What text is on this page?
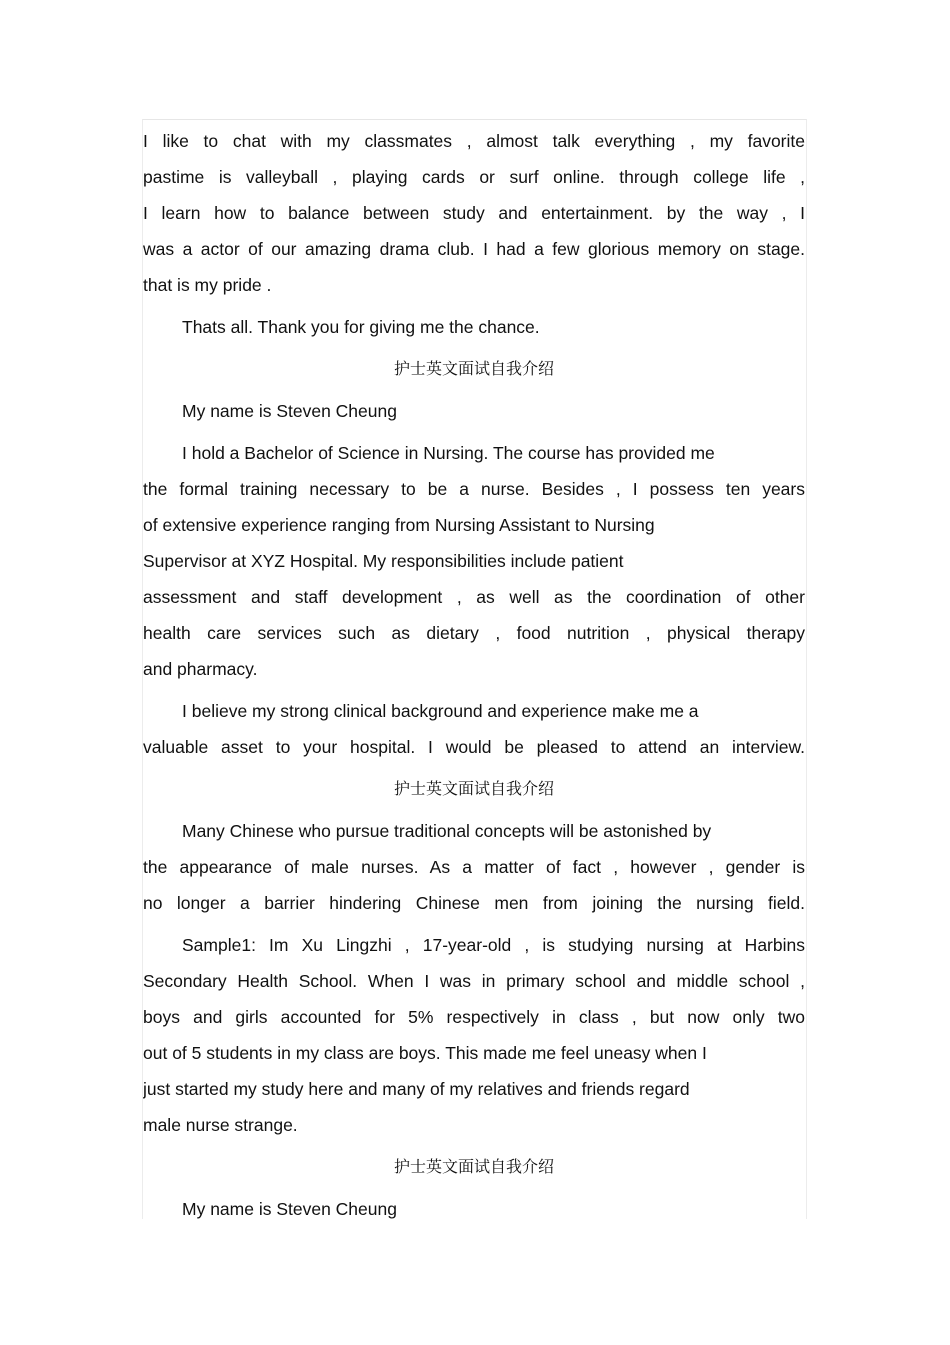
I like to chat with my classmates , almost talk everything , my favorite
pastime is valleyball , playing cards or surf online. through college life ,
I learn how to balance between study and entertainment. by the way , I
was a actor of our amazing drama club. I had a few glorious memory on stage.
that is my pride .
Thats all. Thank you for giving me the chance.
护士英文面试自我介绍
My name is Steven Cheung
I hold a Bachelor of Science in Nursing. The course has provided me
the formal training necessary to be a nurse. Besides , I possess ten years
of extensive experience ranging from Nursing Assistant to Nursing
Supervisor at XYZ Hospital. My responsibilities include patient
assessment and staff development , as well as the coordination of other
health care services such as dietary , food nutrition , physical therapy
and pharmacy.
I believe my strong clinical background and experience make me a
valuable asset to your hospital. I would be pleased to attend an interview.
护士英文面试自我介绍
Many Chinese who pursue traditional concepts will be astonished by
the appearance of male nurses. As a matter of fact , however , gender is
no longer a barrier hindering Chinese men from joining the nursing field.
Sample1: Im Xu Lingzhi , 17-year-old , is studying nursing at Harbins
Secondary Health School. When I was in primary school and middle school ,
boys and girls accounted for 5% respectively in class , but now only two
out of 5 students in my class are boys. This made me feel uneasy when I
just started my study here and many of my relatives and friends regard
male nurse strange.
护士英文面试自我介绍
My name is Steven Cheung
